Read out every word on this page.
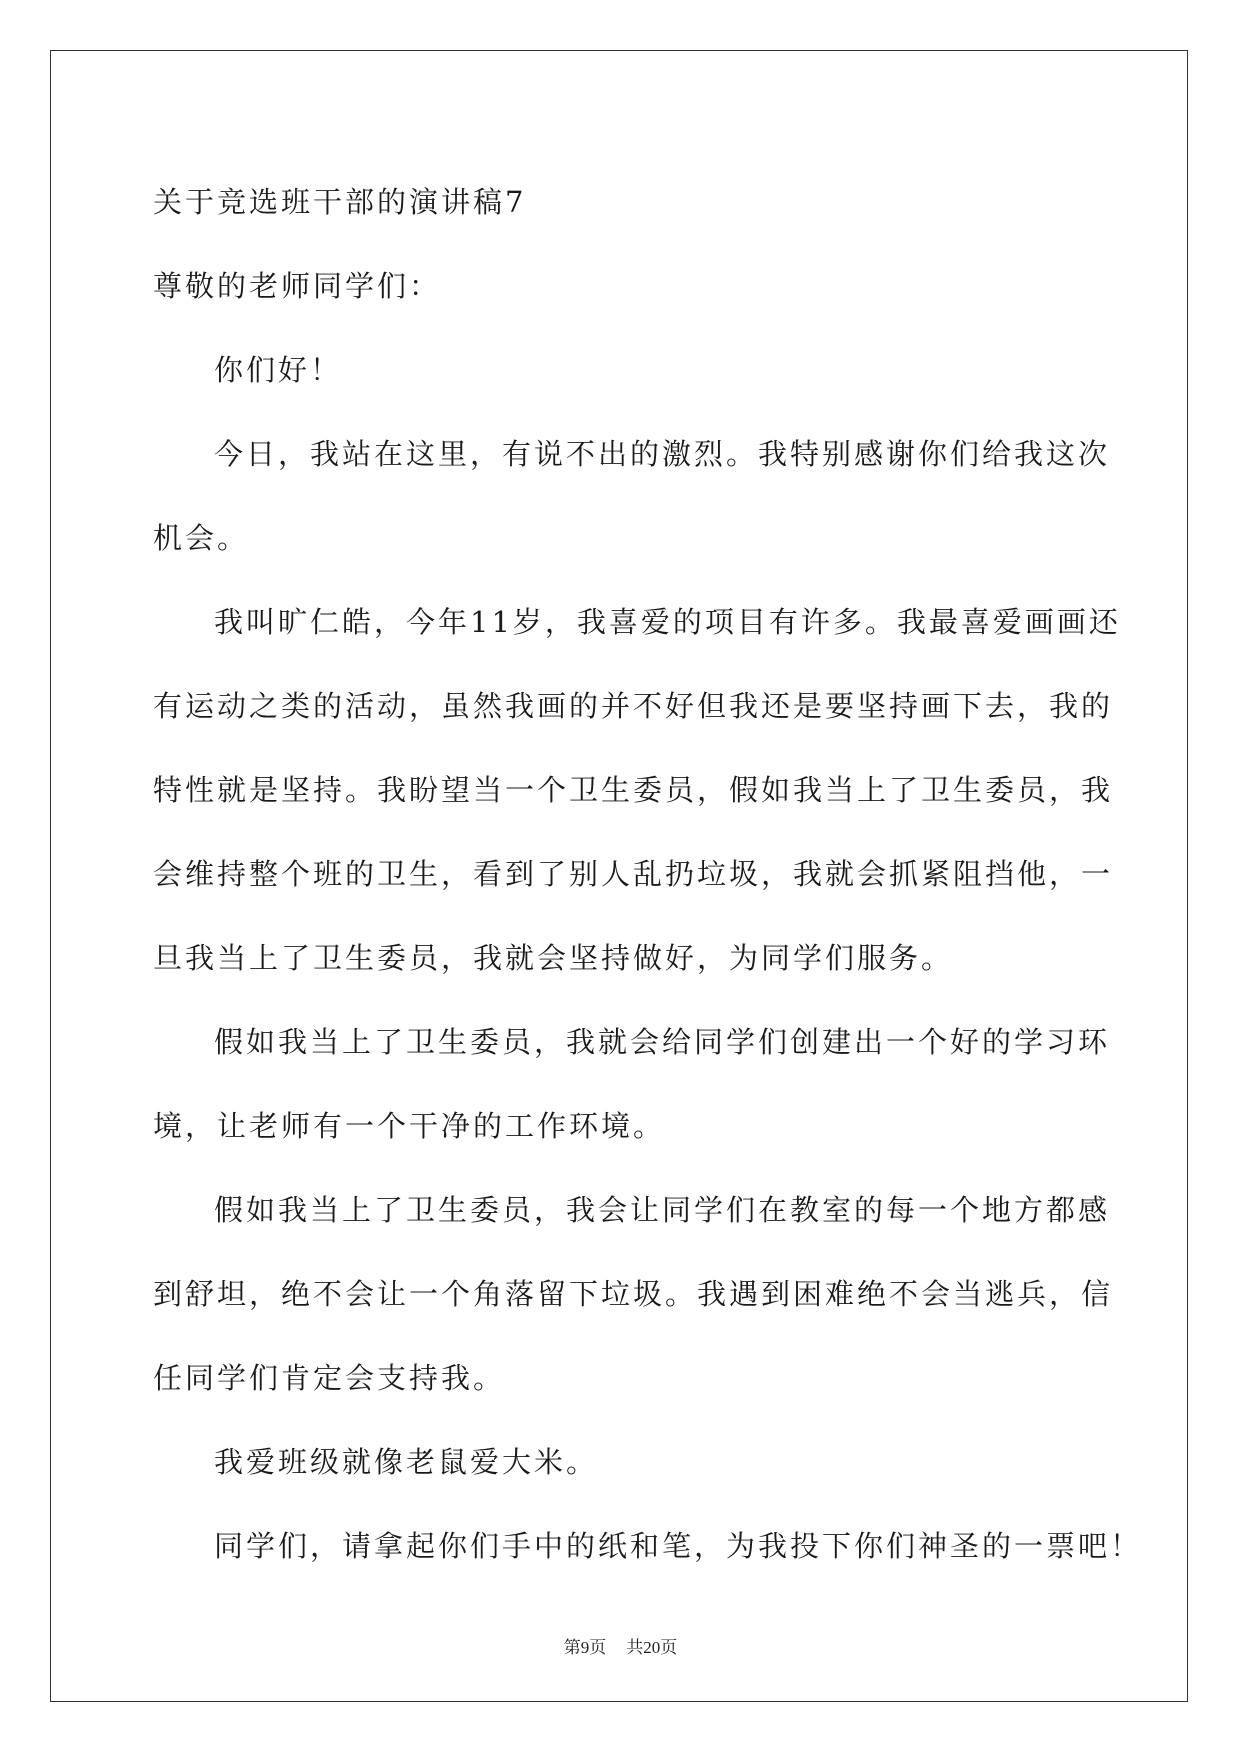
关于竞选班干部的演讲稿7
尊敬的老师同学们：
你们好！
今日，我站在这里，有说不出的激烈。我特别感谢你们给我这次
机会。
我叫旷仁皓，今年11岁，我喜爱的项目有许多。我最喜爱画画还
有运动之类的活动，虽然我画的并不好但我还是要坚持画下去，我的
特性就是坚持。我盼望当一个卫生委员，假如我当上了卫生委员，我
会维持整个班的卫生，看到了别人乱扔垃圾，我就会抓紧阻挡他，一
旦我当上了卫生委员，我就会坚持做好，为同学们服务。
假如我当上了卫生委员，我就会给同学们创建出一个好的学习环
境，让老师有一个干净的工作环境。
假如我当上了卫生委员，我会让同学们在教室的每一个地方都感
到舒坦，绝不会让一个角落留下垃圾。我遇到困难绝不会当逃兵，信
任同学们肯定会支持我。
我爱班级就像老鼠爱大米。
同学们，请拿起你们手中的纸和笔，为我投下你们神圣的一票吧！
第9页 共20页
